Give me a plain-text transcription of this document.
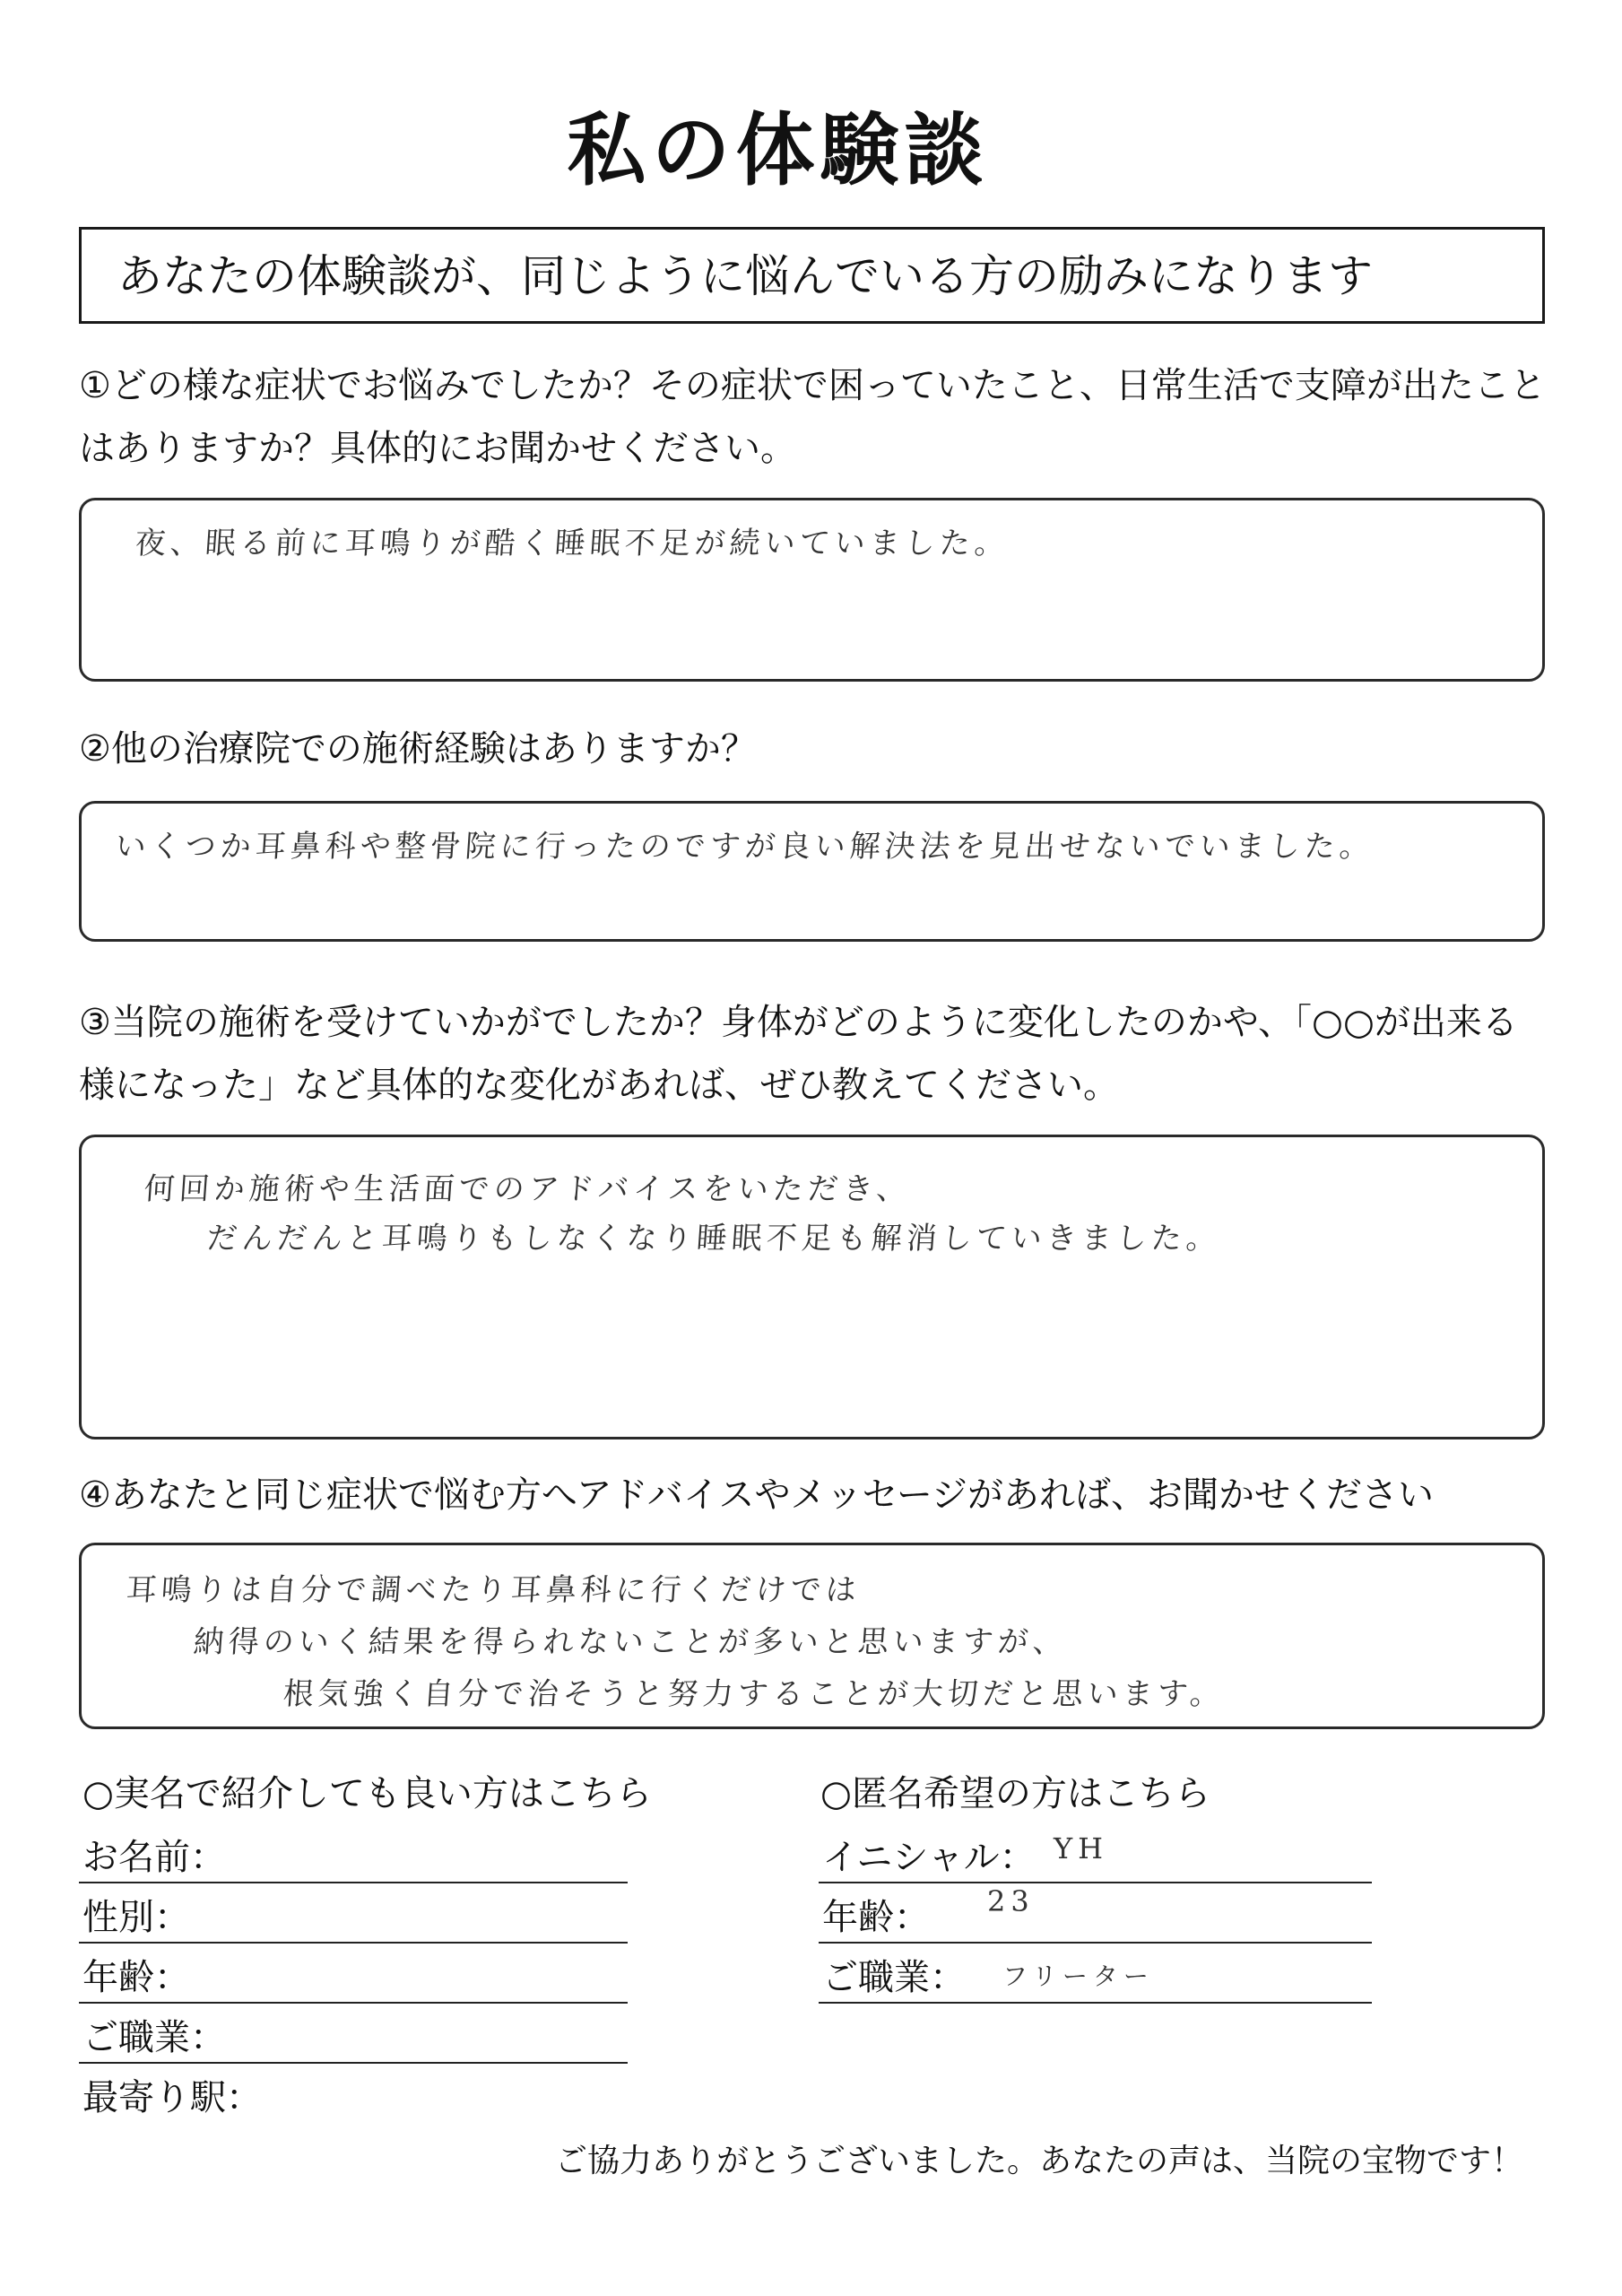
私の体験談
あなたの体験談が、同じように悩んでいる方の励みになります
①どの様な症状でお悩みでしたか？その症状で困っていたこと、日常生活で支障が出たこと
はありますか？具体的にお聞かせください。
夜、眠る前に耳鳴りが酷く睡眠不足が続いていました。
②他の治療院での施術経験はありますか？
いくつか耳鼻科や整骨院に行ったのですが良い解決法を見出せないでいました。
③当院の施術を受けていかがでしたか？身体がどのように変化したのかや、「○○が出来る
様になった」など具体的な変化があれば、ぜひ教えてください。
何回か施術や生活面でのアドバイスをいただき、
だんだんと耳鳴りもしなくなり睡眠不足も解消していきました。
④あなたと同じ症状で悩む方へアドバイスやメッセージがあれば、お聞かせください
耳鳴りは自分で調べたり耳鼻科に行くだけでは
納得のいく結果を得られないことが多いと思いますが、
根気強く自分で治そうと努力することが大切だと思います。
○実名で紹介しても良い方はこちら
お名前：
性別：
年齢：
ご職業：
最寄り駅：
○匿名希望の方はこちら
イニシャル： YH
年齢： 23
ご職業： フリーター
ご協力ありがとうございました。あなたの声は、当院の宝物です！
